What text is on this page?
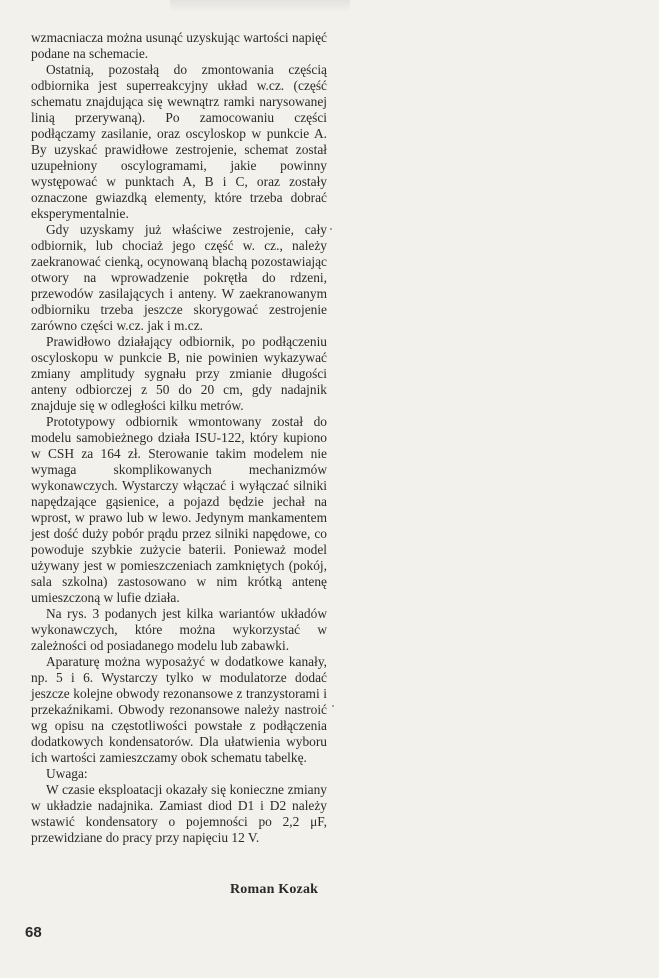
wzmacniacza można usunąć uzyskując wartości napięć podane na schemacie.

Ostatnią, pozostałą do zmontowania częścią odbiornika jest superreakcyjny układ w.cz. (część schematu znajdująca się wewnątrz ramki narysowanej linią przerywaną). Po zamocowaniu części podłączamy zasilanie, oraz oscyloskop w punkcie A. By uzyskać prawidłowe zestrojenie, schemat został uzupełniony oscylogramami, jakie powinny występować w punktach A, B i C, oraz zostały oznaczone gwiazdką elementy, które trzeba dobrać eksperymentalnie.

Gdy uzyskamy już właściwe zestrojenie, cały odbiornik, lub chociaż jego część w. cz., należy zaekranować cienką, ocynowaną blachą pozostawiając otwory na wprowadzenie pokrętła do rdzeni, przewodów zasilających i anteny. W zaekranowanym odbiorniku trzeba jeszcze skorygować zestrojenie zarówno części w.cz. jak i m.cz.

Prawidłowo działający odbiornik, po podłączeniu oscyloskopu w punkcie B, nie powinien wykazywać zmiany amplitudy sygnału przy zmianie długości anteny odbiorczej z 50 do 20 cm, gdy nadajnik znajduje się w odległości kilku metrów.

Prototypowy odbiornik wmontowany został do modelu samobieżnego działa ISU-122, który kupiono w CSH za 164 zł. Sterowanie takim modelem nie wymaga skomplikowanych mechanizmów wykonawczych. Wystarczy włączać i wyłączać silniki napędzające gąsienice, a pojazd będzie jechał na wprost, w prawo lub w lewo. Jedynym mankamentem jest dość duży pobór prądu przez silniki napędowe, co powoduje szybkie zużycie baterii. Ponieważ model używany jest w pomieszczeniach zamkniętych (pokój, sala szkolna) zastosowano w nim krótką antenę umieszczoną w lufie działa.

Na rys. 3 podanych jest kilka wariantów układów wykonawczych, które można wykorzystać w zależności od posiadanego modelu lub zabawki.

Aparaturę można wyposażyć w dodatkowe kanały, np. 5 i 6. Wystarczy tylko w modulatorze dodać jeszcze kolejne obwody rezonansowe z tranzystorami i przekaźnikami. Obwody rezonansowe należy nastroić wg opisu na częstotliwości powstałe z podłączenia dodatkowych kondensatorów. Dla ułatwienia wyboru ich wartości zamieszczamy obok schematu tabelkę.

Uwaga:

W czasie eksploatacji okazały się konieczne zmiany w układzie nadajnika. Zamiast diod D1 i D2 należy wstawić kondensatory o pojemności po 2,2 μF, przewidziane do pracy przy napięciu 12 V.

Roman Kozak
68
